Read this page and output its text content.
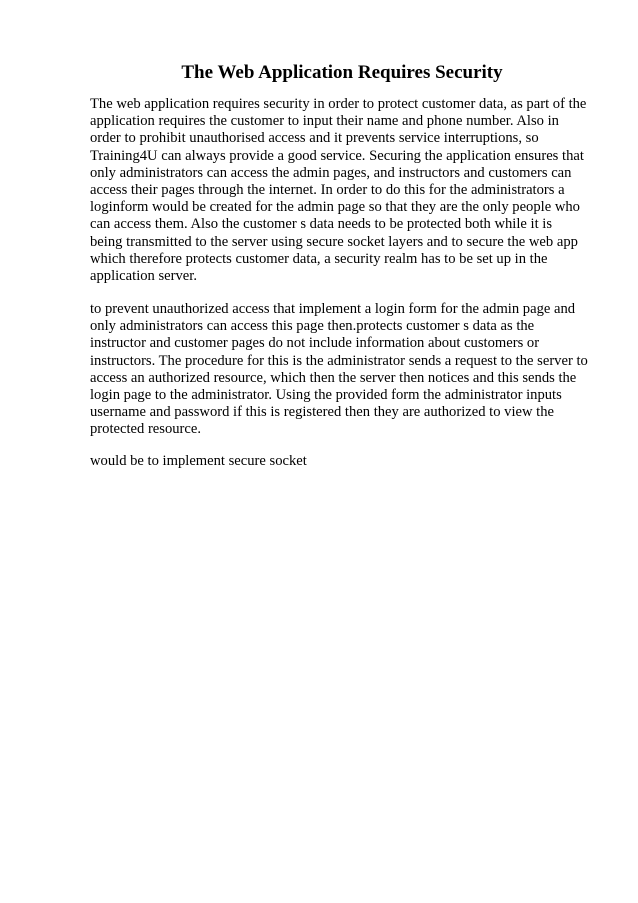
The Web Application Requires Security

The web application requires security in order to protect customer data, as part of the
application requires the customer to input their name and phone number. Also in
order to prohibit unauthorised access and it prevents service interruptions, so
Training4U can always provide a good service. Securing the application ensures that
only administrators can access the admin pages, and instructors and customers can
access their pages through the internet. In order to do this for the administrators a
loginform would be created for the admin page so that they are the only people who
can access them. Also the customer s data needs to be protected both while it is
being transmitted to the server using secure socket layers and to secure the web app
which therefore protects customer data, a security realm has to be set up in the
application server.

to prevent unauthorized access that implement a login form for the admin page and
only administrators can access this page then.protects customer s data as the
instructor and customer pages do not include information about customers or
instructors. The procedure for this is the administrator sends a request to the server to
access an authorized resource, which then the server then notices and this sends the
login page to the administrator. Using the provided form the administrator inputs
username and password if this is registered then they are authorized to view the
protected resource.

would be to implement secure socket
